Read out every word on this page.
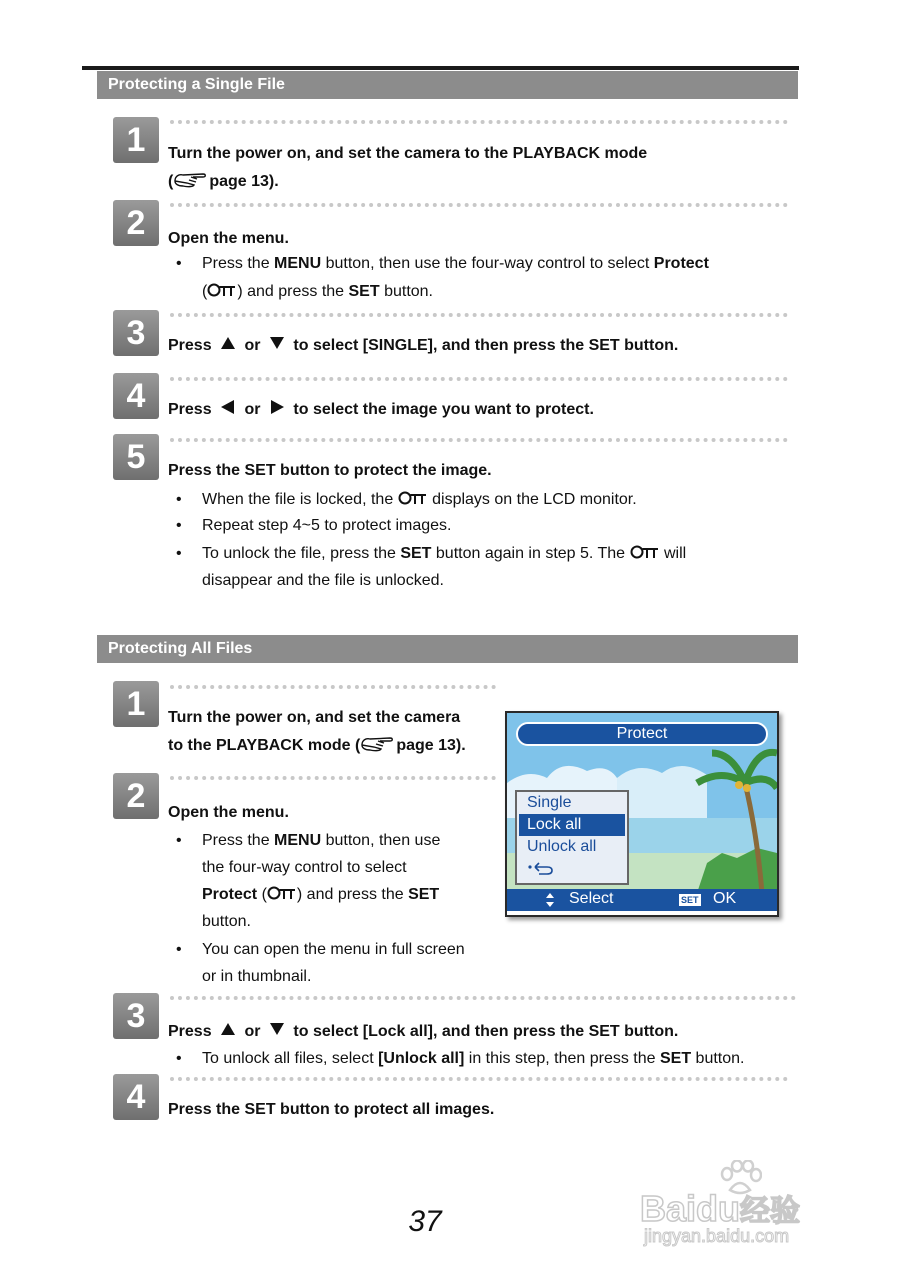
Protecting a Single File
1	Turn the power on, and set the camera to the PLAYBACK mode
( page 13).
2	Open the menu.
• Press the MENU button, then use the four-way control to select Protect
( ) and press the SET button.
3	Press or to select [SINGLE], and then press the SET button.
4	Press or to select the image you want to protect.
5	Press the SET button to protect the image.
• When the file is locked, the displays on the LCD monitor.
• Repeat step 4~5 to protect images.
• To unlock the file, press the SET button again in step 5. The will
disappear and the file is unlocked.
Protecting All Files
1	Turn the power on, and set the camera
to the PLAYBACK mode ( page 13).
2	Open the menu.
• Press the MENU button, then use
the four-way control to select
Protect ( ) and press the SET
button.
• You can open the menu in full screen
or in thumbnail.
Protect
Single
Lock all
Unlock all
Select	SET OK
3	Press or to select [Lock all], and then press the SET button.
• To unlock all files, select [Unlock all] in this step, then press the SET button.
4	Press the SET button to protect all images.
37	Baidu经验
jingyan.baidu.com
